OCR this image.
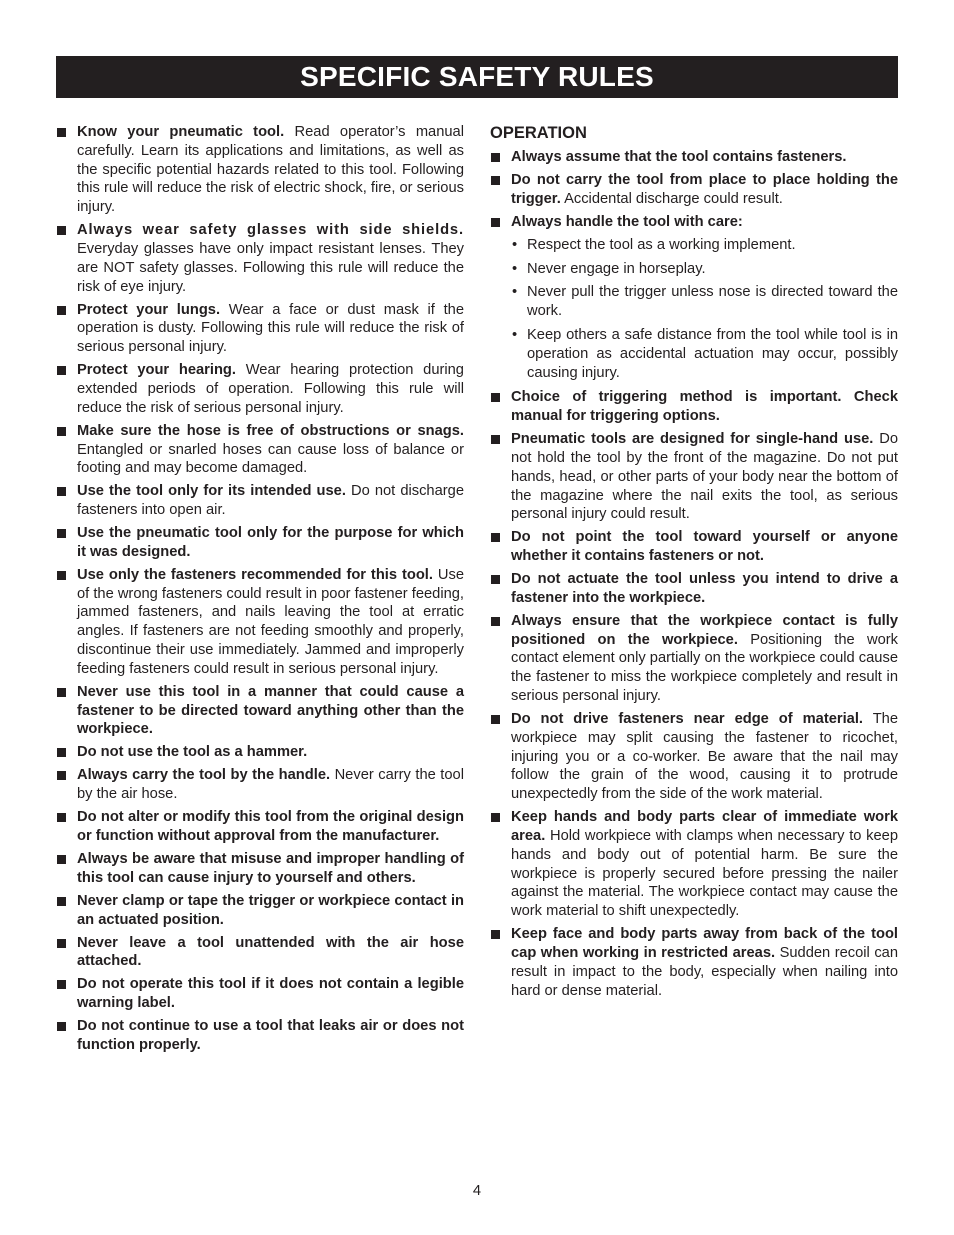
SPECIFIC SAFETY RULES
Know your pneumatic tool. Read operator’s manual carefully. Learn its applications and limitations, as well as the specific potential hazards related to this tool. Following this rule will reduce the risk of electric shock, fire, or serious injury.
Always wear safety glasses with side shields. Everyday glasses have only impact resistant lenses. They are NOT safety glasses. Following this rule will reduce the risk of eye injury.
Protect your lungs. Wear a face or dust mask if the operation is dusty. Following this rule will reduce the risk of serious personal injury.
Protect your hearing. Wear hearing protection during extended periods of operation. Following this rule will reduce the risk of serious personal injury.
Make sure the hose is free of obstructions or snags. Entangled or snarled hoses can cause loss of balance or footing and may become damaged.
Use the tool only for its intended use. Do not discharge fasteners into open air.
Use the pneumatic tool only for the purpose for which it was designed.
Use only the fasteners recommended for this tool. Use of the wrong fasteners could result in poor fastener feeding, jammed fasteners, and nails leaving the tool at erratic angles. If fasteners are not feeding smoothly and properly, discontinue their use immediately. Jammed and improperly feeding fasteners could result in serious personal injury.
Never use this tool in a manner that could cause a fastener to be directed toward anything other than the workpiece.
Do not use the tool as a hammer.
Always carry the tool by the handle. Never carry the tool by the air hose.
Do not alter or modify this tool from the original design or function without approval from the manufacturer.
Always be aware that misuse and improper handling of this tool can cause injury to yourself and others.
Never clamp or tape the trigger or workpiece contact in an actuated position.
Never leave a tool unattended with the air hose attached.
Do not operate this tool if it does not contain a legible warning label.
Do not continue to use a tool that leaks air or does not function properly.
OPERATION
Always assume that the tool contains fasteners.
Do not carry the tool from place to place holding the trigger. Accidental discharge could result.
Always handle the tool with care:
• Respect the tool as a working implement.
• Never engage in horseplay.
• Never pull the trigger unless nose is directed toward the work.
• Keep others a safe distance from the tool while tool is in operation as accidental actuation may occur, possibly causing injury.
Choice of triggering method is important. Check manual for triggering options.
Pneumatic tools are designed for single-hand use. Do not hold the tool by the front of the magazine. Do not put hands, head, or other parts of your body near the bottom of the magazine where the nail exits the tool, as serious personal injury could result.
Do not point the tool toward yourself or anyone whether it contains fasteners or not.
Do not actuate the tool unless you intend to drive a fastener into the workpiece.
Always ensure that the workpiece contact is fully positioned on the workpiece. Positioning the work contact element only partially on the workpiece could cause the fastener to miss the workpiece completely and result in serious personal injury.
Do not drive fasteners near edge of material. The workpiece may split causing the fastener to ricochet, injuring you or a co-worker. Be aware that the nail may follow the grain of the wood, causing it to protrude unexpectedly from the side of the work material.
Keep hands and body parts clear of immediate work area. Hold workpiece with clamps when necessary to keep hands and body out of potential harm. Be sure the workpiece is properly secured before pressing the nailer against the material. The workpiece contact may cause the work material to shift unexpectedly.
Keep face and body parts away from back of the tool cap when working in restricted areas. Sudden recoil can result in impact to the body, especially when nailing into hard or dense material.
4
